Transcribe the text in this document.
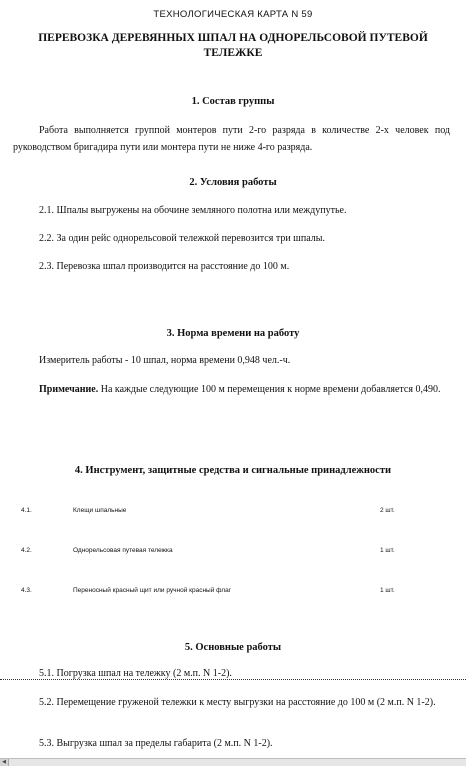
ТЕХНОЛОГИЧЕСКАЯ КАРТА N 59
ПЕРЕВОЗКА ДЕРЕВЯННЫХ ШПАЛ НА ОДНОРЕЛЬСОВОЙ ПУТЕВОЙ
ТЕЛЕЖКЕ
1. Состав группы
Работа выполняется группой монтеров пути 2-го разряда в количестве 2-х человек под руководством бригадира пути или монтера пути не ниже 4-го разряда.
2. Условия работы
2.1. Шпалы выгружены на обочине земляного полотна или междупутье.
2.2. За один рейс однорельсовой тележкой перевозится три шпалы.
2.3. Перевозка шпал производится на расстояние до 100 м.
3. Норма времени на работу
Измеритель работы - 10 шпал, норма времени 0,948 чел.-ч.
Примечание. На каждые следующие 100 м перемещения к норме времени добавляется 0,490.
4. Инструмент, защитные средства и сигнальные принадлежности
4.1.	Клещи шпальные	2 шт.
4.2.	Однорельсовая путевая тележка	1 шт.
4.3.	Переносный красный щит или ручной красный флаг	1 шт.
5. Основные работы
5.1. Погрузка шпал на тележку (2 м.п. N 1-2).
5.2. Перемещение груженой тележки к месту выгрузки на расстояние до 100 м (2 м.п. N 1-2).
5.3. Выгрузка шпал за пределы габарита (2 м.п. N 1-2).
◀
